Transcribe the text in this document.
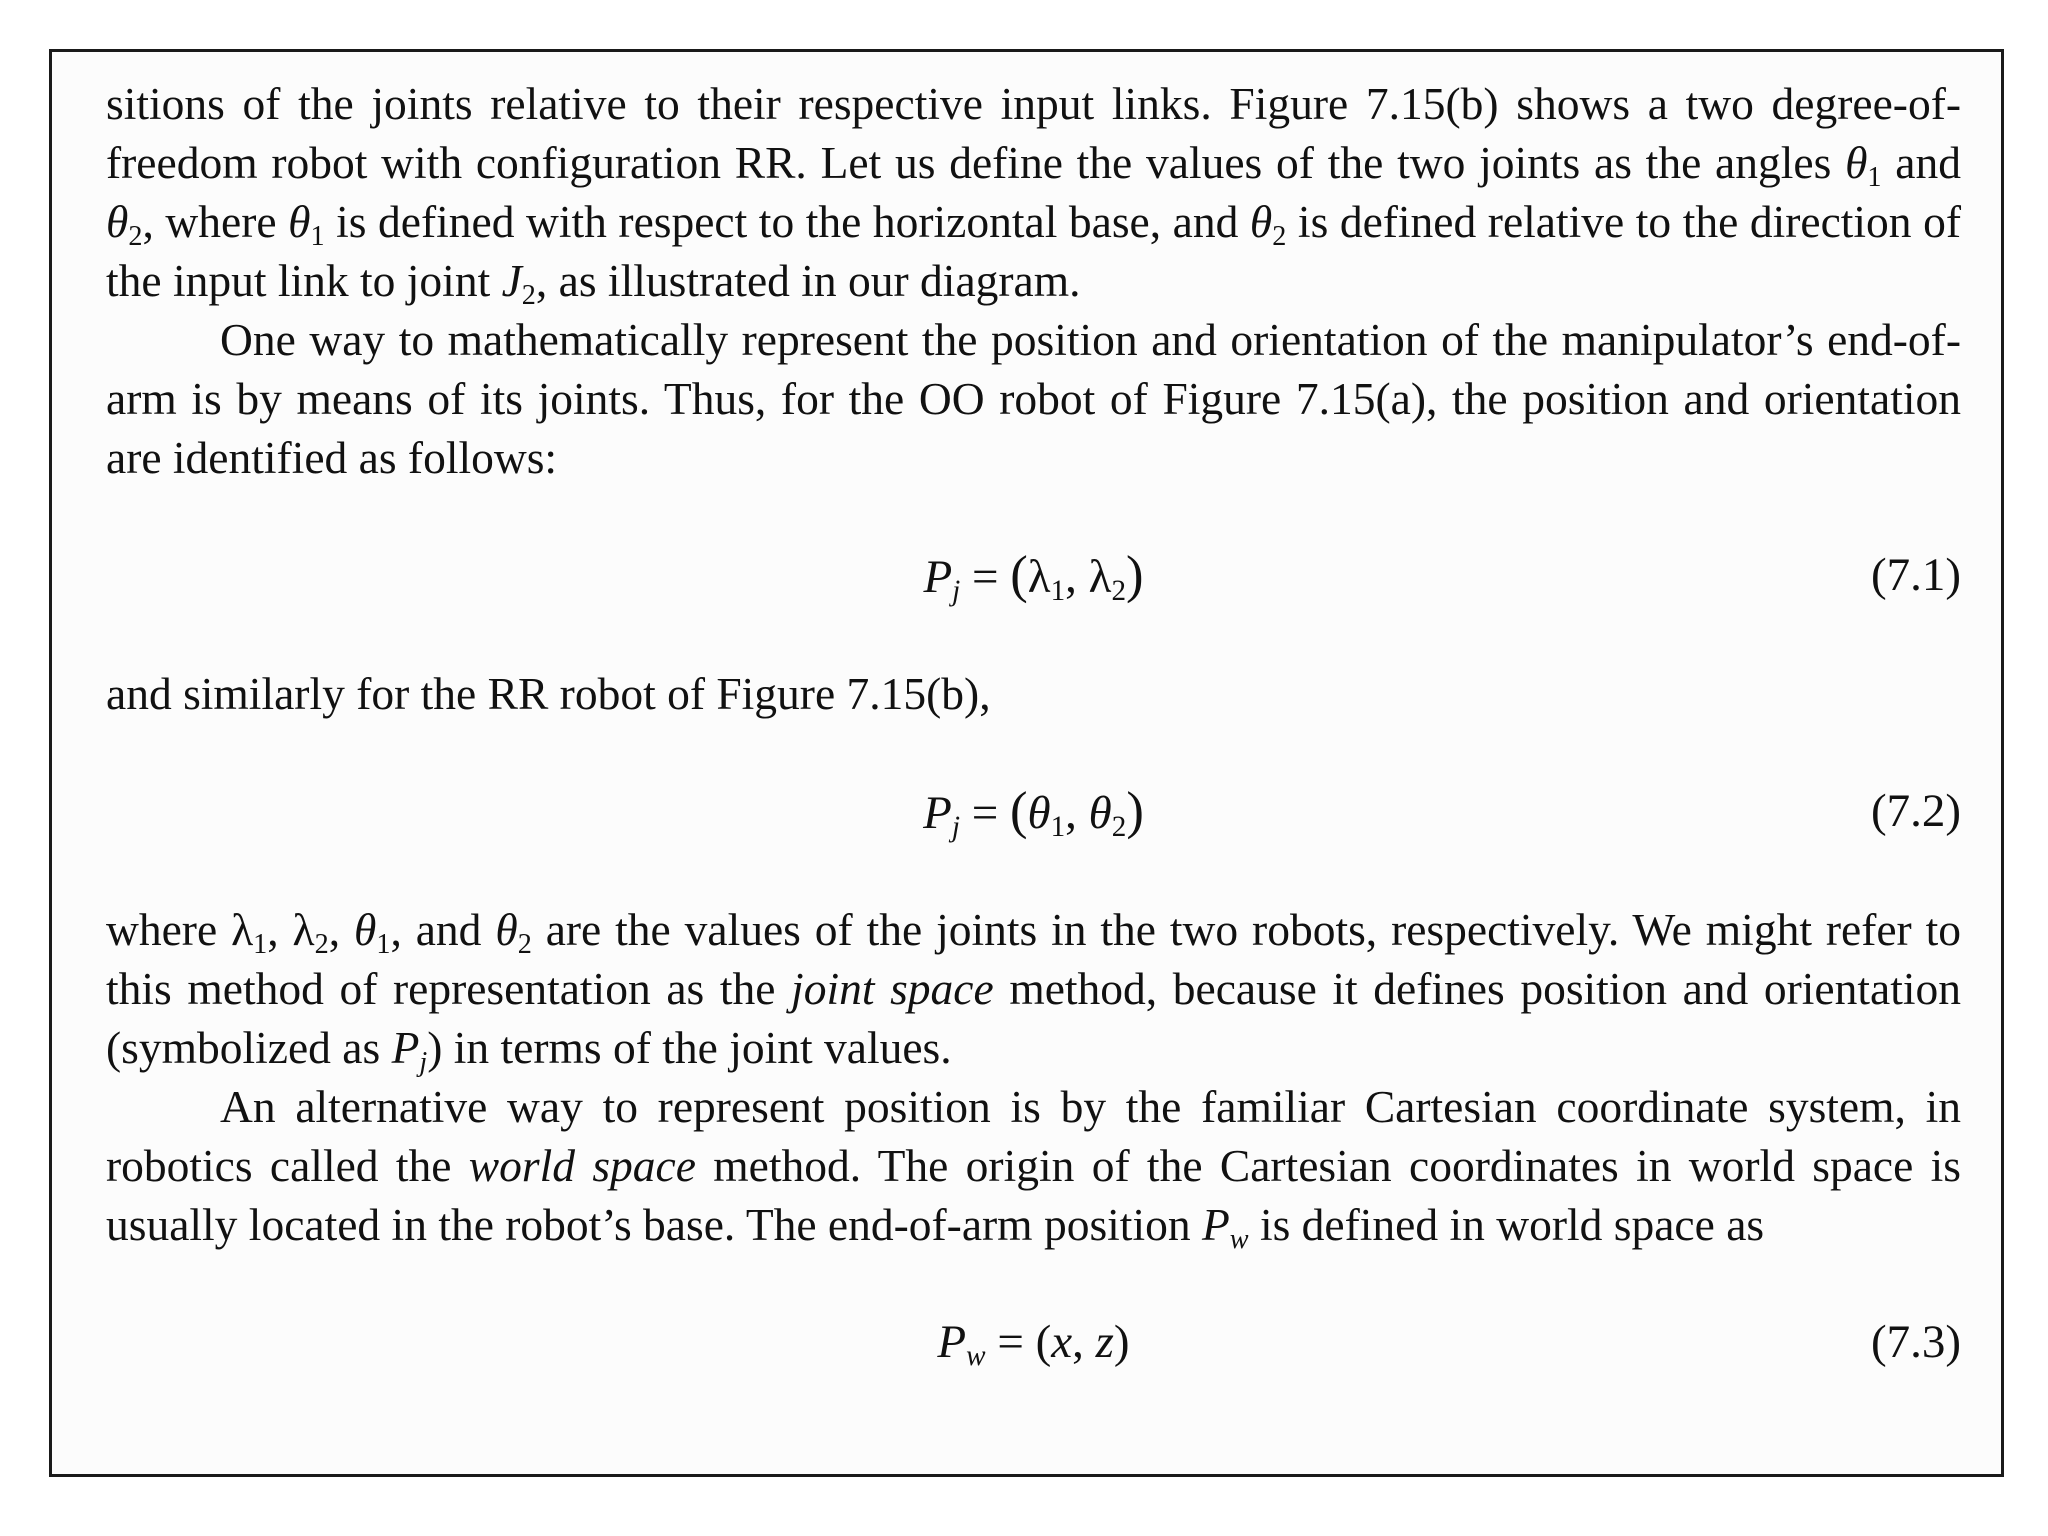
sitions of the joints relative to their respective input links. Figure 7.15(b) shows a two degree-of-freedom robot with configuration RR. Let us define the values of the two joints as the angles $\theta_1$ and $\theta_2$, where $\theta_1$ is defined with respect to the horizontal base, and $\theta_2$ is defined relative to the direction of the input link to joint $J_2$, as illustrated in our diagram.

One way to mathematically represent the position and orientation of the manipulator’s end-of-arm is by means of its joints. Thus, for the OO robot of Figure 7.15(a), the position and orientation are identified as follows:

$P_j = (\lambda_1$, $\lambda_2$)	(7.1)

and similarly for the RR robot of Figure 7.15(b),

$P_j = (\theta_1$, $\theta_2$)	(7.2)

where $\lambda_1$, $\lambda_2$, $\theta_1$, and $\theta_2$ are the values of the joints in the two robots, respectively. We might refer to this method of representation as the joint space method, because it defines position and orientation (symbolized as $P_j$) in terms of the joint values.

An alternative way to represent position is by the familiar Cartesian coordinate system, in robotics called the world space method. The origin of the Cartesian coordinates in world space is usually located in the robot’s base. The end-of-arm position $P_w$ is defined in world space as

$P_w = (x$, z)	(7.3)
